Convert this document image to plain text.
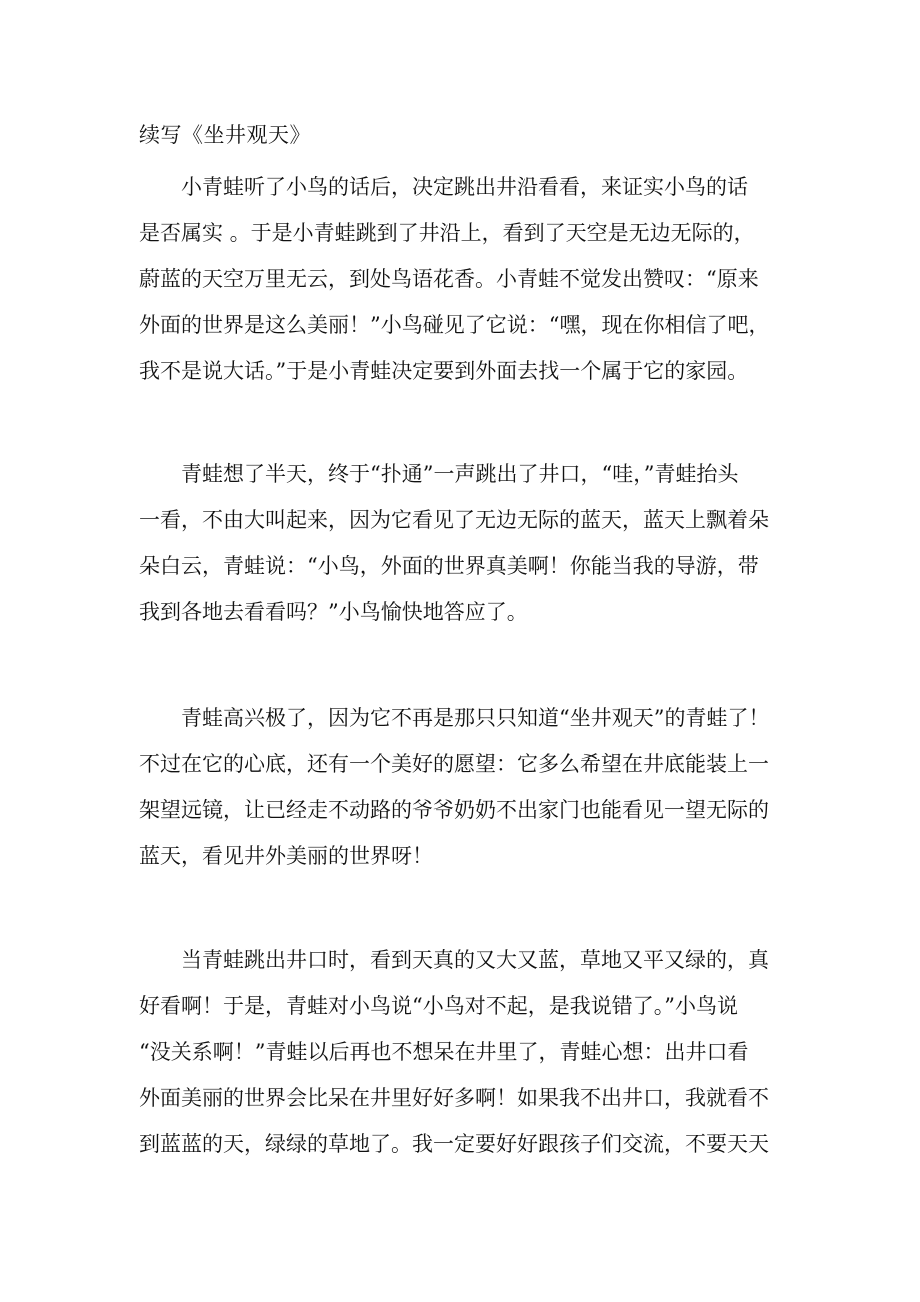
续写《坐井观天》
　　小青蛙听了小鸟的话后，决定跳出井沿看看，来证实小鸟的话
是否属实 。于是小青蛙跳到了井沿上，看到了天空是无边无际的，
蔚蓝的天空万里无云，到处鸟语花香。小青蛙不觉发出赞叹：“原来
外面的世界是这么美丽！”小鸟碰见了它说：“嘿，现在你相信了吧，
我不是说大话。”于是小青蛙决定要到外面去找一个属于它的家园。
　　青蛙想了半天，终于“扑通”一声跳出了井口，“哇，”青蛙抬头
一看，不由大叫起来，因为它看见了无边无际的蓝天，蓝天上飘着朵
朵白云，青蛙说：“小鸟，外面的世界真美啊！你能当我的导游，带
我到各地去看看吗？”小鸟愉快地答应了。
　　青蛙高兴极了，因为它不再是那只只知道“坐井观天”的青蛙了！
不过在它的心底，还有一个美好的愿望：它多么希望在井底能装上一
架望远镜，让已经走不动路的爷爷奶奶不出家门也能看见一望无际的
蓝天，看见井外美丽的世界呀！
　　当青蛙跳出井口时，看到天真的又大又蓝，草地又平又绿的，真
好看啊！于是，青蛙对小鸟说“小鸟对不起，是我说错了。”小鸟说
“没关系啊！”青蛙以后再也不想呆在井里了，青蛙心想：出井口看
外面美丽的世界会比呆在井里好好多啊！如果我不出井口，我就看不
到蓝蓝的天，绿绿的草地了。我一定要好好跟孩子们交流，不要天天
